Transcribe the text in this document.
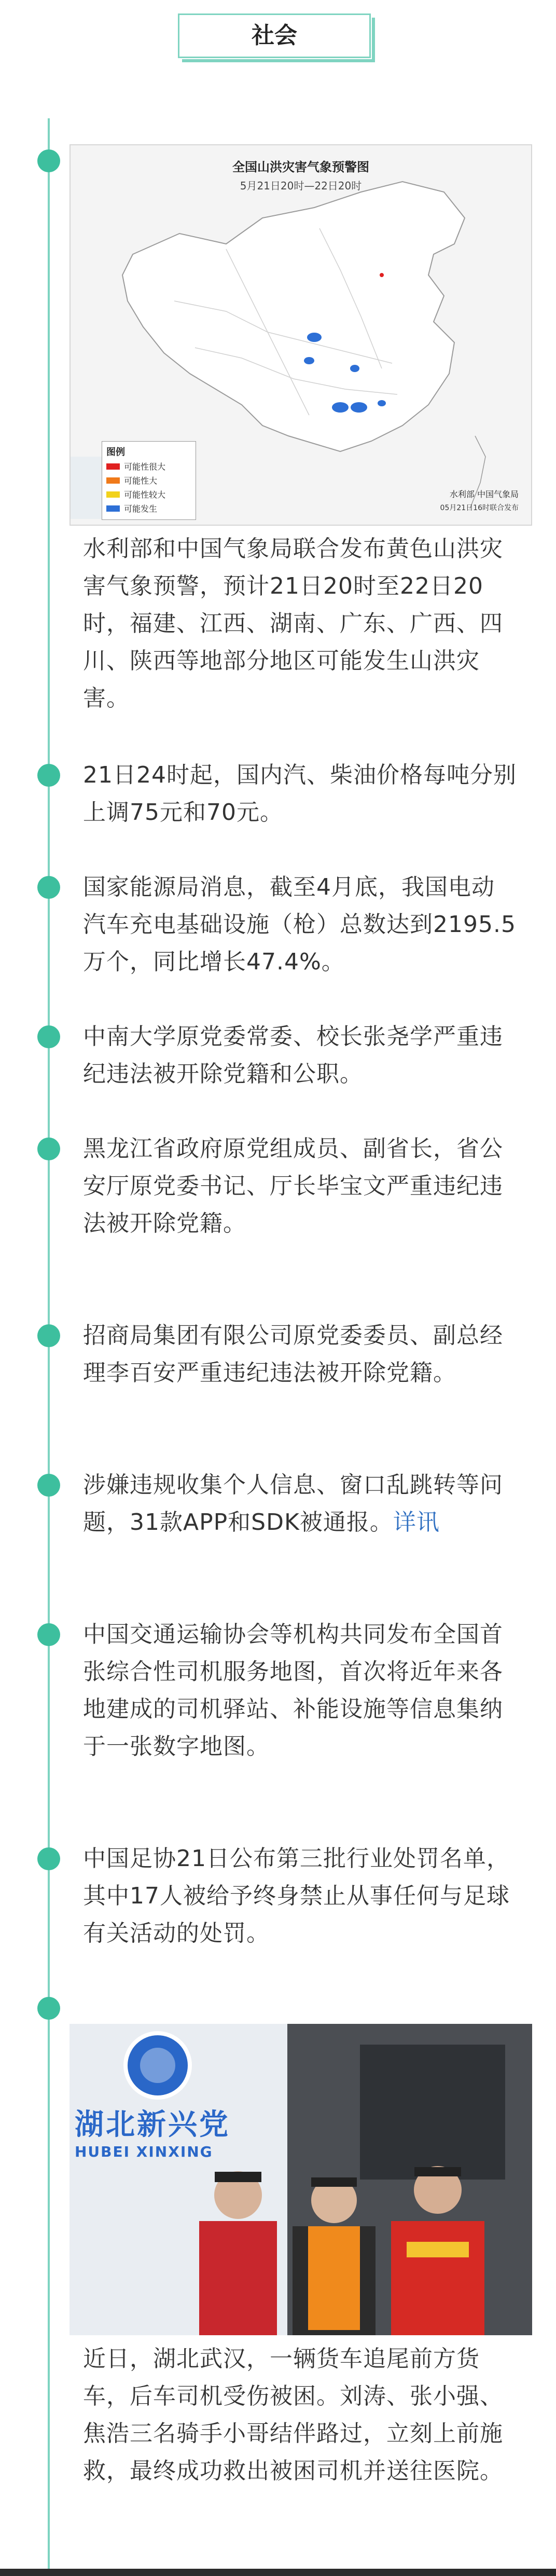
社会
全国山洪灾害气象预警图
5月21日20时—22日20时
图例
可能性很大
可能性大
可能性较大
可能发生
水利部 中国气象局
05月21日16时联合发布

水利部和中国气象局联合发布黄色山洪灾害气象预警，预计21日20时至22日20时，福建、江西、湖南、广东、广西、四川、陕西等地部分地区可能发生山洪灾害。

21日24时起，国内汽、柴油价格每吨分别上调75元和70元。

国家能源局消息，截至4月底，我国电动汽车充电基础设施（枪）总数达到2195.5万个，同比增长47.4%。

中南大学原党委常委、校长张尧学严重违纪违法被开除党籍和公职。

黑龙江省政府原党组成员、副省长，省公安厅原党委书记、厅长毕宝文严重违纪违法被开除党籍。

招商局集团有限公司原党委委员、副总经理李百安严重违纪违法被开除党籍。

涉嫌违规收集个人信息、窗口乱跳转等问题，31款APP和SDK被通报。详讯

中国交通运输协会等机构共同发布全国首张综合性司机服务地图，首次将近年来各地建成的司机驿站、补能设施等信息集纳于一张数字地图。

中国足协21日公布第三批行业处罚名单，其中17人被给予终身禁止从事任何与足球有关活动的处罚。

湖北新兴党
HUBEI XINXING

近日，湖北武汉，一辆货车追尾前方货车，后车司机受伤被困。刘涛、张小强、焦浩三名骑手小哥结伴路过，立刻上前施救，最终成功救出被困司机并送往医院。
